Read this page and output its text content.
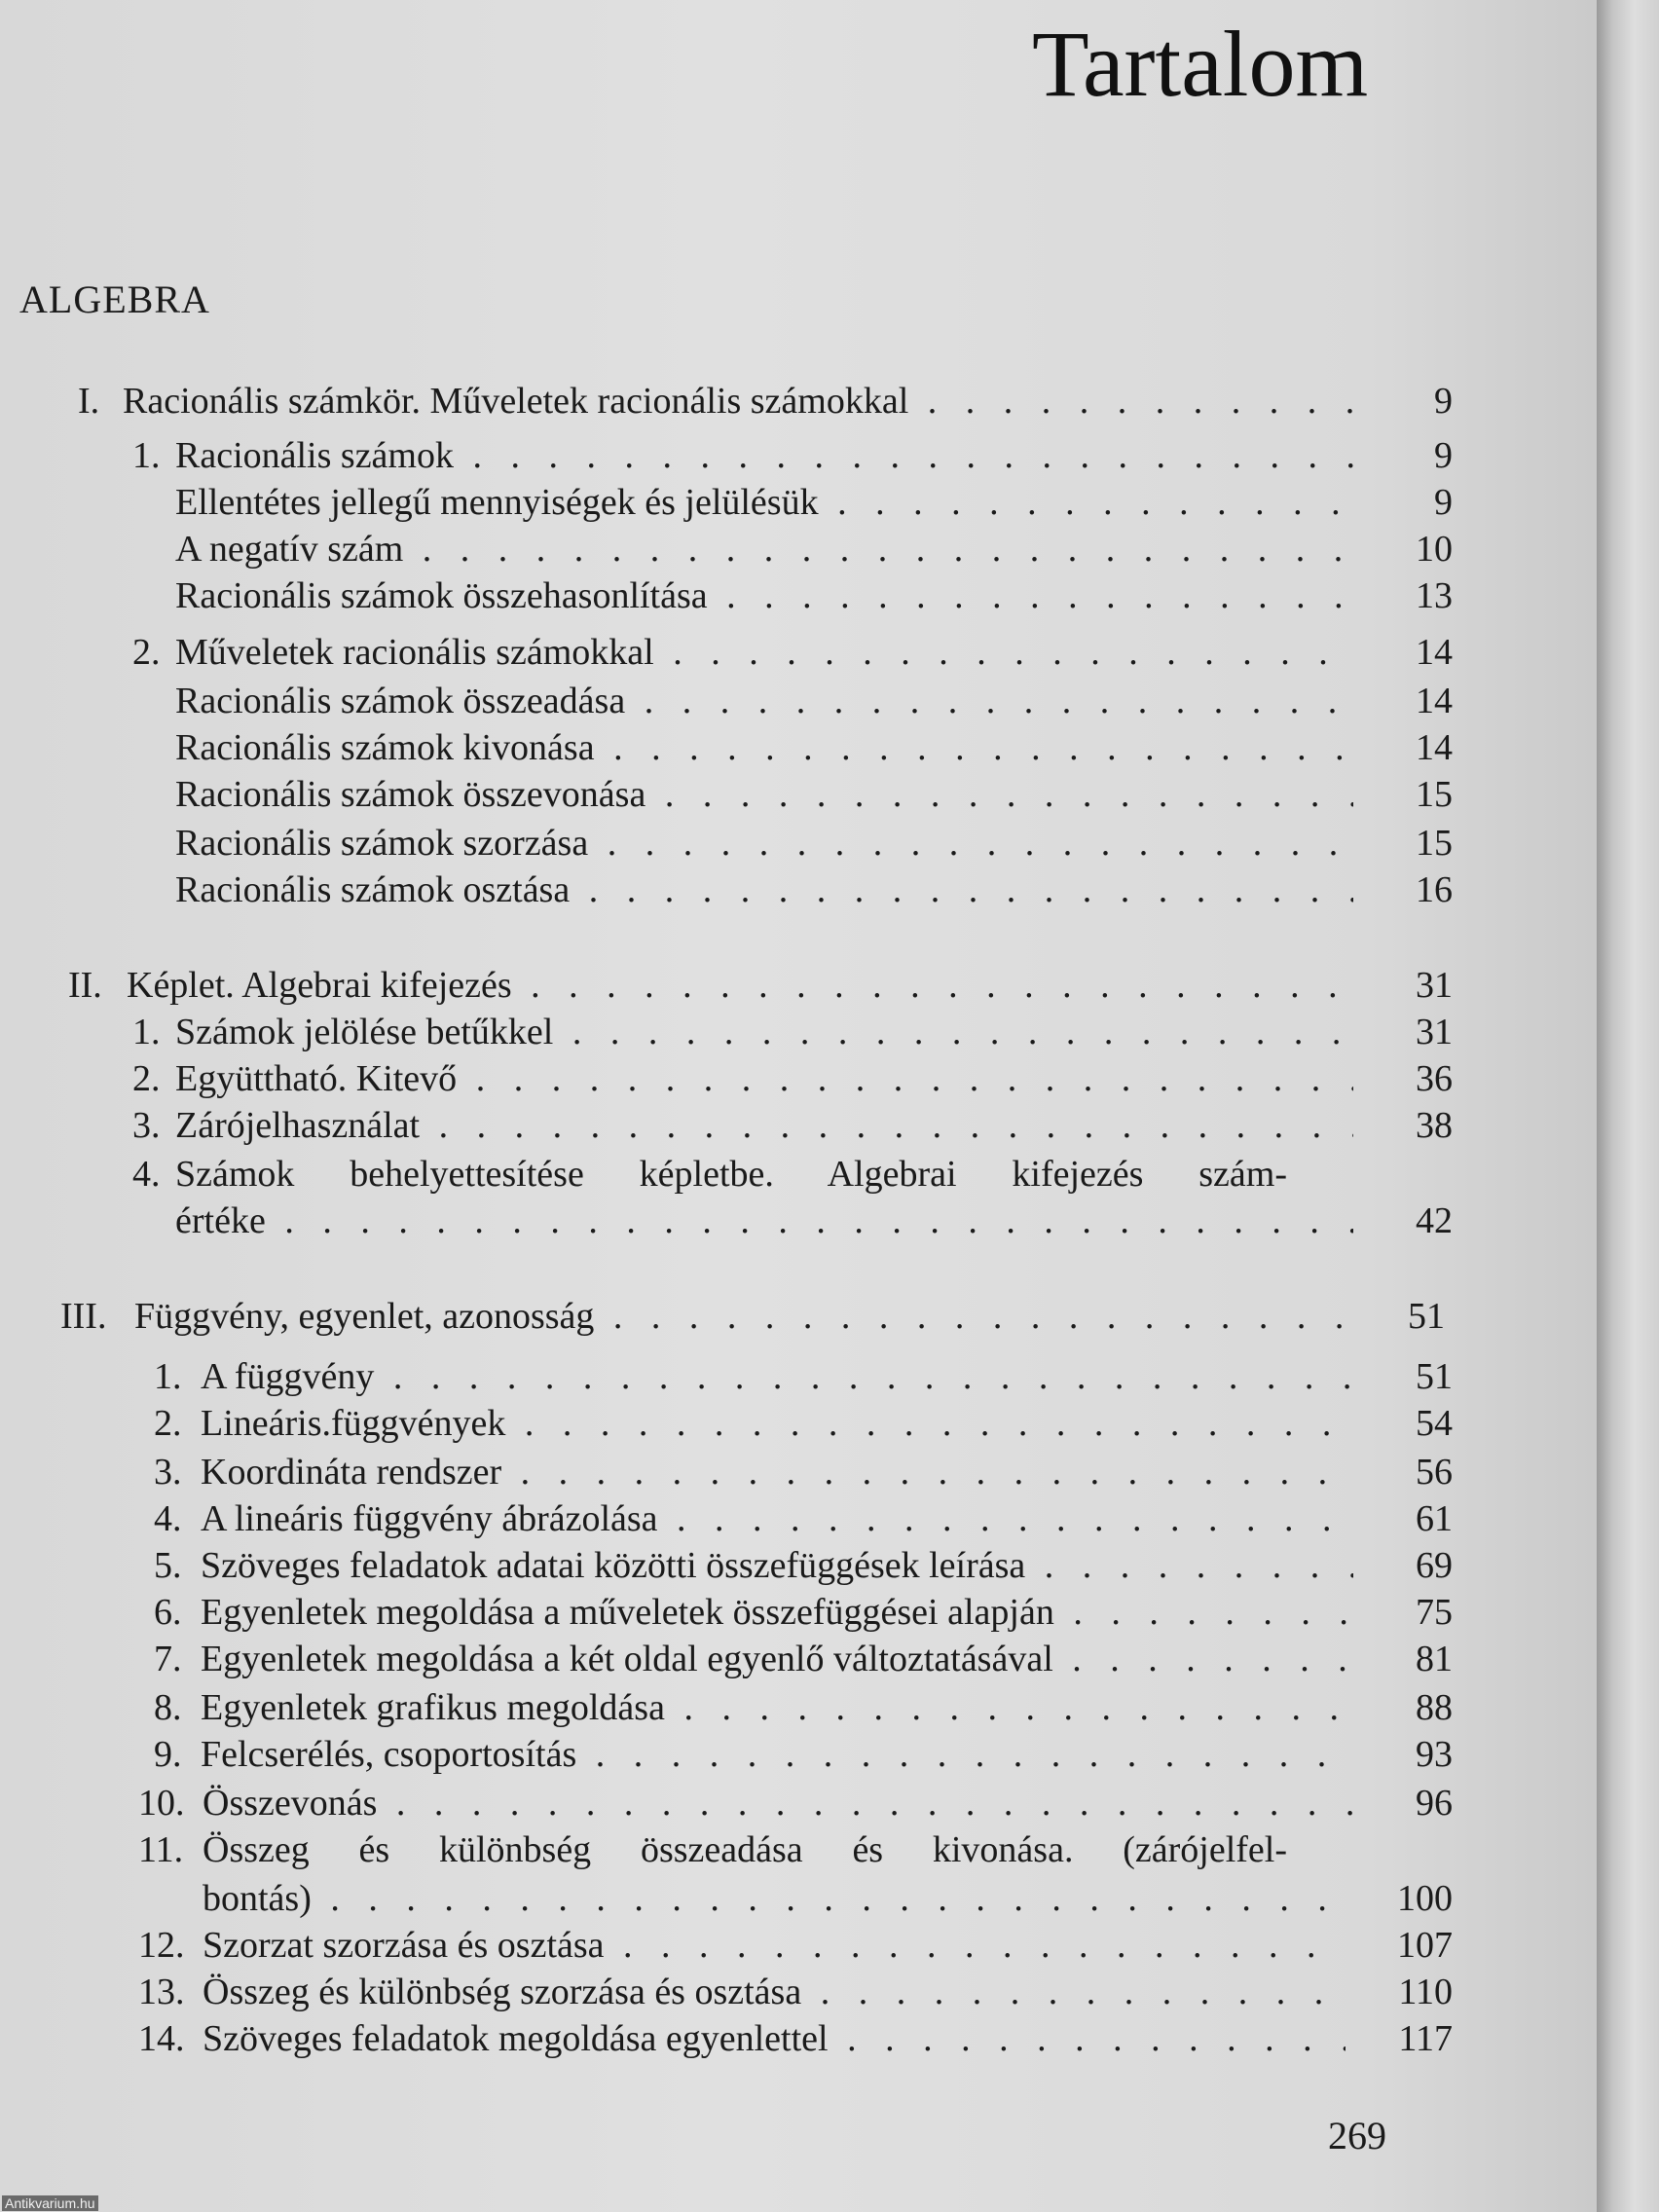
Tartalom
ALGEBRA
I. Racionális számkör. Műveletek racionális számokkal . . .	9
1. Racionális számok . . .	9
Ellentétes jellegű mennyiségek és jelülésük . . .	9
A negatív szám . . .	10
Racionális számok összehasonlítása . . .	13
2. Műveletek racionális számokkal . . .	14
Racionális számok összeadása . . .	14
Racionális számok kivonása . . .	14
Racionális számok összevonása . . .	15
Racionális számok szorzása . . .	15
Racionális számok osztása . . .	16
II. Képlet. Algebrai kifejezés . . .	31
1. Számok jelölése betűkkel . . .	31
2. Együttható. Kitevő . . .	36
3. Zárójelhasználat . . .	38
4. Számok behelyettesítése képletbe. Algebrai kifejezés szám-
értéke . . .	42
III. Függvény, egyenlet, azonosság . . .	51
1. A függvény . . .	51
2. Lineáris.függvények . . .	54
3. Koordináta rendszer . . .	56
4. A lineáris függvény ábrázolása . . .	61
5. Szöveges feladatok adatai közötti összefüggések leírása . . .	69
6. Egyenletek megoldása a műveletek összefüggései alapján . . .	75
7. Egyenletek megoldása a két oldal egyenlő változtatásával . . .	81
8. Egyenletek grafikus megoldása . . .	88
9. Felcserélés, csoportosítás . . .	93
10. Összevonás . . .	96
11. Összeg és különbség összeadása és kivonása. (zárójelfel-
bontás) . . .	100
12. Szorzat szorzása és osztása . . .	107
13. Összeg és különbség szorzása és osztása . . .	110
14. Szöveges feladatok megoldása egyenlettel . . .	117
269
Antikvarium.hu
